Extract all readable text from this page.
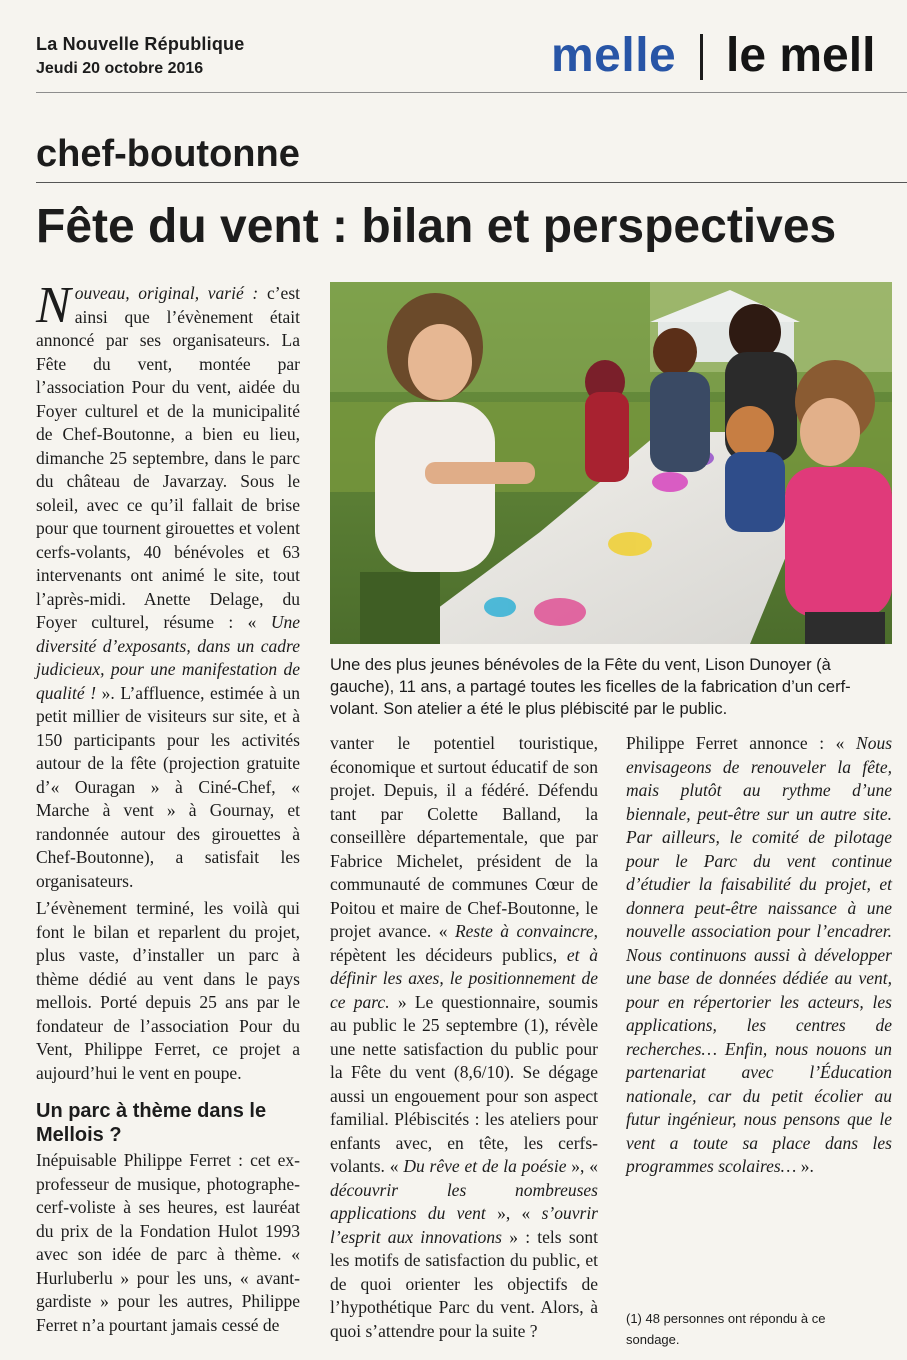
La Nouvelle République
Jeudi 20 octobre 2016	melle le mell
chef-boutonne
Fête du vent : bilan et perspectives
Une des plus jeunes bénévoles de la Fête du vent, Lison Dunoyer (à gauche), 11 ans, a partagé toutes les ficelles de la fabrication d’un cerf-volant. Son atelier a été le plus plébiscité par le public.

Nouveau, original, varié : c’est ainsi que l’évènement était annoncé par ses organisateurs. La Fête du vent, montée par l’association Pour du vent, aidée du Foyer culturel et de la municipalité de Chef-Boutonne, a bien eu lieu, dimanche 25 septembre, dans le parc du château de Javarzay. Sous le soleil, avec ce qu’il fallait de brise pour que tournent girouettes et volent cerfs-volants, 40 bénévoles et 63 intervenants ont animé le site, tout l’après-midi. Anette Delage, du Foyer culturel, résume : « Une diversité d’exposants, dans un cadre judicieux, pour une manifestation de qualité ! ». L’affluence, estimée à un petit millier de visiteurs sur site, et à 150 participants pour les activités autour de la fête (projection gratuite d’« Ouragan » à Ciné-Chef, « Marche à vent » à Gournay, et randonnée autour des girouettes à Chef-Boutonne), a satisfait les organisateurs.

L’évènement terminé, les voilà qui font le bilan et reparlent du projet, plus vaste, d’installer un parc à thème dédié au vent dans le pays mellois. Porté depuis 25 ans par le fondateur de l’association Pour du Vent, Philippe Ferret, ce projet a aujourd’hui le vent en poupe.

Un parc à thème dans le Mellois ?

Inépuisable Philippe Ferret : cet ex-professeur de musique, photographe-cerf-voliste à ses heures, est lauréat du prix de la Fondation Hulot 1993 avec son idée de parc à thème. « Hurluberlu » pour les uns, « avant-gardiste » pour les autres, Philippe Ferret n’a pourtant jamais cessé de

vanter le potentiel touristique, économique et surtout éducatif de son projet. Depuis, il a fédéré. Défendu tant par Colette Balland, la conseillère départementale, que par Fabrice Michelet, président de la communauté de communes Cœur de Poitou et maire de Chef-Boutonne, le projet avance. « Reste à convaincre, répètent les décideurs publics, et à définir les axes, le positionnement de ce parc. » Le questionnaire, soumis au public le 25 septembre (1), révèle une nette satisfaction du public pour la Fête du vent (8,6/10). Se dégage aussi un engouement pour son aspect familial. Plébiscités : les ateliers pour enfants avec, en tête, les cerfs-volants. « Du rêve et de la poésie », « découvrir les nombreuses applications du vent », « s’ouvrir l’esprit aux innovations » : tels sont les motifs de satisfaction du public, et de quoi orienter les objectifs de l’hypothétique Parc du vent. Alors, à quoi s’attendre pour la suite ?

Philippe Ferret annonce : « Nous envisageons de renouveler la fête, mais plutôt au rythme d’une biennale, peut-être sur un autre site. Par ailleurs, le comité de pilotage pour le Parc du vent continue d’étudier la faisabilité du projet, et donnera peut-être naissance à une nouvelle association pour l’encadrer. Nous continuons aussi à développer une base de données dédiée au vent, pour en répertorier les acteurs, les applications, les centres de recherches… Enfin, nous nouons un partenariat avec l’Éducation nationale, car du petit écolier au futur ingénieur, nous pensons que le vent a toute sa place dans les programmes scolaires… ».

(1) 48 personnes ont répondu à ce sondage.
